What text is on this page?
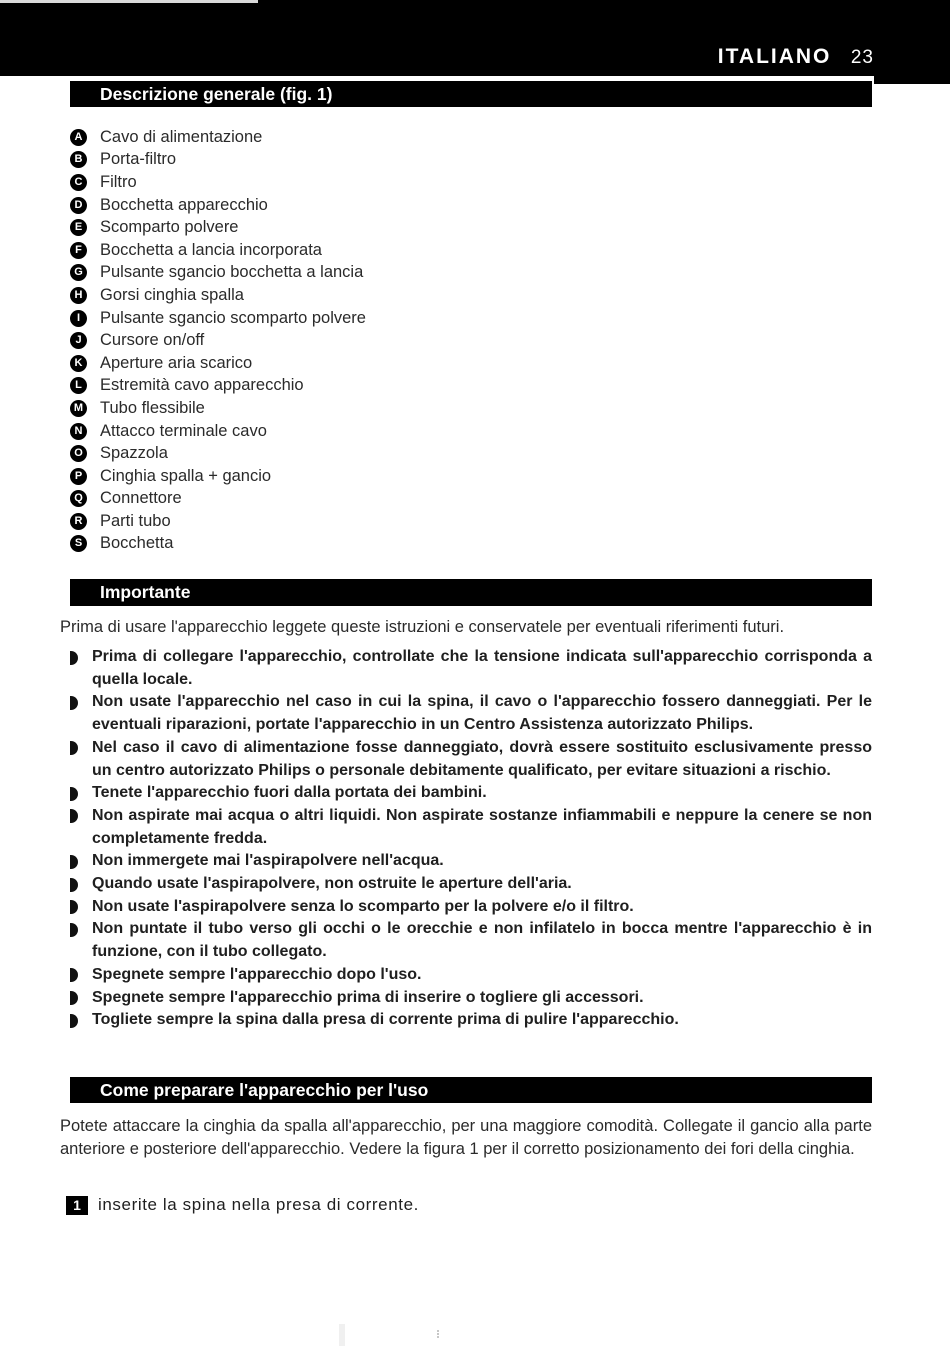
ITALIANO 23
Descrizione generale (fig. 1)
A Cavo di alimentazione
B Porta-filtro
C Filtro
D Bocchetta apparecchio
E Scomparto polvere
F	Bocchetta a lancia incorporata
G Pulsante sgancio bocchetta a lancia
H Gorsi cinghia spalla
I	Pulsante sgancio scomparto polvere
J	Cursore on/off
K Aperture aria scarico
L	Estremità cavo apparecchio
M Tubo flessibile
N Attacco terminale cavo
O Spazzola
P Cinghia spalla + gancio
Q Connettore
R Parti tubo
S Bocchetta
Importante

Prima di usare l'apparecchio leggete queste istruzioni e conservatele per eventuali riferimenti futuri.

Prima di collegare l'apparecchio, controllate che la tensione indicata sull'apparecchio corrisponda a quella locale.
Non usate l'apparecchio nel caso in cui la spina, il cavo o l'apparecchio fossero danneggiati. Per le eventuali riparazioni, portate l'apparecchio in un Centro Assistenza autorizzato Philips.
Nel caso il cavo di alimentazione fosse danneggiato, dovrà essere sostituito esclusivamente presso un centro autorizzato Philips o personale debitamente qualificato, per evitare situazioni a rischio.
Tenete l'apparecchio fuori dalla portata dei bambini.
Non aspirate mai acqua o altri liquidi. Non aspirate sostanze infiammabili e neppure la cenere se non completamente fredda.
Non immergete mai l'aspirapolvere nell'acqua.
Quando usate l'aspirapolvere, non ostruite le aperture dell'aria.
Non usate l'aspirapolvere senza lo scomparto per la polvere e/o il filtro.
Non puntate il tubo verso gli occhi o le orecchie e non infilatelo in bocca mentre l'apparecchio è in funzione, con il tubo collegato.
Spegnete sempre l'apparecchio dopo l'uso.
Spegnete sempre l'apparecchio prima di inserire o togliere gli accessori.
Togliete sempre la spina dalla presa di corrente prima di pulire l'apparecchio.
Come preparare l'apparecchio per l'uso

Potete attaccare la cinghia da spalla all'apparecchio, per una maggiore comodità. Collegate il gancio alla parte anteriore e posteriore dell'apparecchio. Vedere la figura 1 per il corretto posizionamento dei fori della cinghia.

1	inserite la spina nella presa di corrente.
